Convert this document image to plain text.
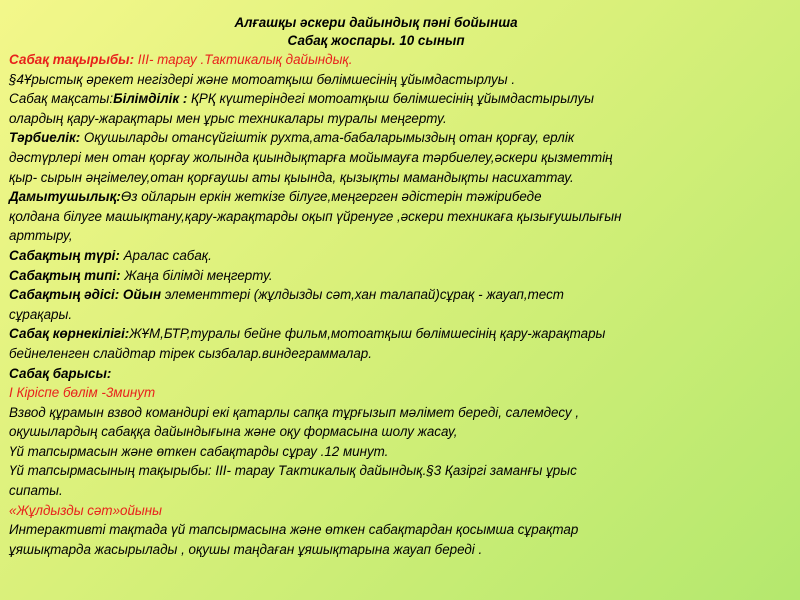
Алғашқы әскери дайындық пәні бойынша
Сабақ жоспары. 10 сынып
Сабақ тақырыбы: ІІІ- тарау .Тактикалық дайындық.
§4Ұрыстық әрекет негіздері және мотоатқыш бөлімшесінің ұйымдастырлуы .
Сабақ мақсаты:Білімділік : ҚРҚ күштеріндегі мотоатқыш бөлімшесінің ұйымдастырылуы
олардың қару-жарақтары мен ұрыс техникалары туралы меңгерту.
Тәрбиелік: Оқушыларды отансүйгіштік рухта,ата-бабаларымыздың отан қорғау, ерлік
дәстүрлері мен отан қорғау жолында қиындықтарға мойымауға тәрбиелеу,әскери қызметтің
қыр- сырын әңгімелеу,отан қорғаушы аты қыында, қызықты мамандықты насихаттау.
Дамытушылық:Өз ойларын еркін жеткізе білуге,меңгерген әдістерін тәжірибеде
қолдана білуге машықтану,қару-жарақтарды оқып үйренуге ,әскери техникаға қызығушылығын
арттыру,
Сабақтың түрі: Аралас сабақ.
Сабақтың типі: Жаңа білімді меңгерту.
Сабақтың әдісі: Ойын элементтері (жұлдызды сәт,хан талапай)сұрақ - жауап,тест
сұрақары.
Сабақ көрнекілігі:ЖҰМ,БТР,туралы бейне фильм,мотоатқыш бөлімшесінің қару-жарақтары
бейнеленген слайдтар тірек сызбалар.виндеграммалар.
Сабақ барысы:
І Кіріспе бөлім -3минут
Взвод құрамын взвод командирі екі қатарлы сапқа тұрғызып мәлімет береді, салемдесу ,
оқушылардың сабаққа дайындығына және оқу формасына шолу жасау,
Үй тапсырмасын және өткен сабақтарды сұрау .12 минут.
Үй тапсырмасының тақырыбы: ІІІ- тарау Тактикалық дайындық.§3 Қазіргі заманғы ұрыс
сипаты.
«Жұлдызды сәт»ойыны
Интерактивті тақтада үй тапсырмасына және өткен сабақтардан қосымша сұрақтар
ұяшықтарда жасырылады , оқушы таңдаған ұяшықтарына жауап береді .
